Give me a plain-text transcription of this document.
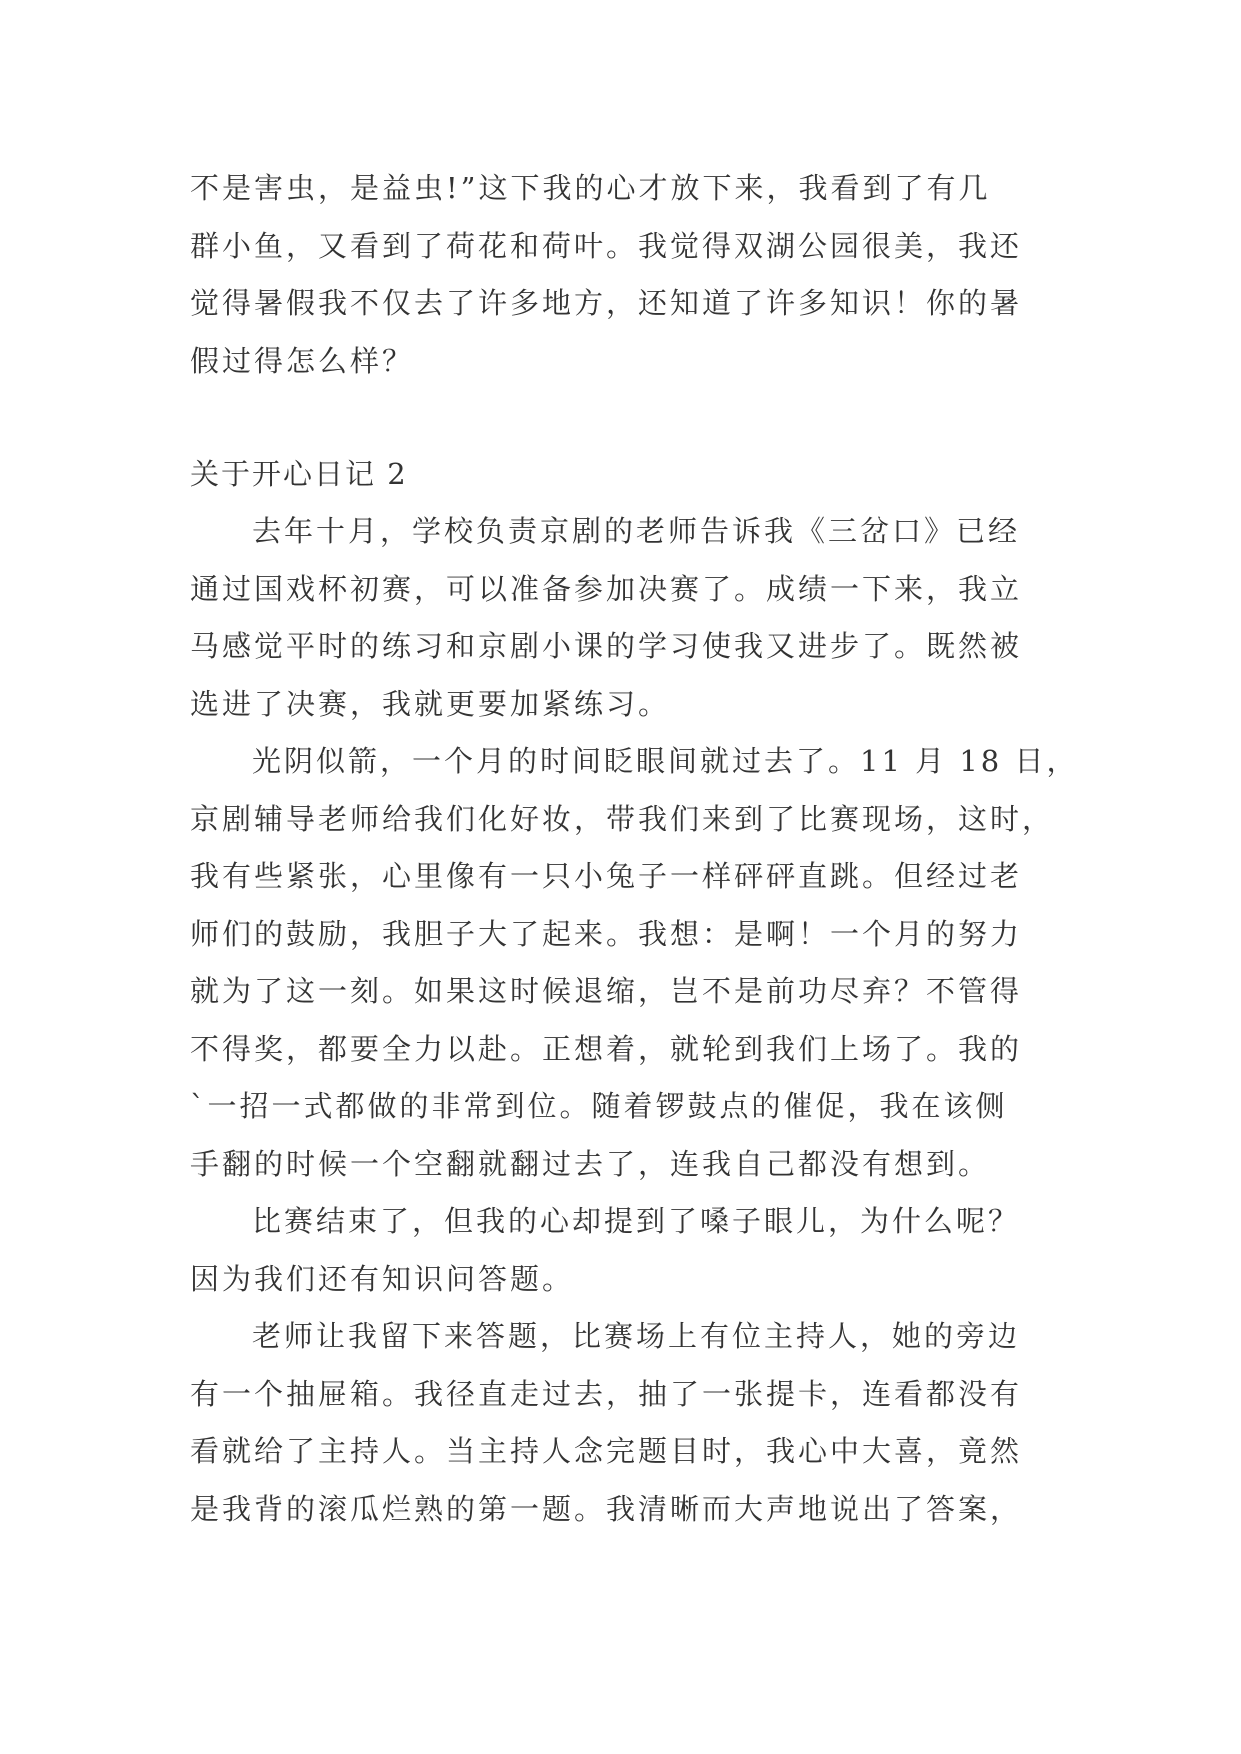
不是害虫，是益虫!”这下我的心才放下来，我看到了有几
群小鱼，又看到了荷花和荷叶。我觉得双湖公园很美，我还
觉得暑假我不仅去了许多地方，还知道了许多知识！你的暑
假过得怎么样？
关于开心日记 2
去年十月，学校负责京剧的老师告诉我《三岔口》已经
通过国戏杯初赛，可以准备参加决赛了。成绩一下来，我立
马感觉平时的练习和京剧小课的学习使我又进步了。既然被
选进了决赛，我就更要加紧练习。
光阴似箭，一个月的时间眨眼间就过去了。11 月 18 日，
京剧辅导老师给我们化好妆，带我们来到了比赛现场，这时，
我有些紧张，心里像有一只小兔子一样砰砰直跳。但经过老
师们的鼓励，我胆子大了起来。我想：是啊！一个月的努力
就为了这一刻。如果这时候退缩，岂不是前功尽弃？不管得
不得奖，都要全力以赴。正想着，就轮到我们上场了。我的
`一招一式都做的非常到位。随着锣鼓点的催促，我在该侧
手翻的时候一个空翻就翻过去了，连我自己都没有想到。
比赛结束了，但我的心却提到了嗓子眼儿，为什么呢？
因为我们还有知识问答题。
老师让我留下来答题，比赛场上有位主持人，她的旁边
有一个抽屉箱。我径直走过去，抽了一张提卡，连看都没有
看就给了主持人。当主持人念完题目时，我心中大喜，竟然
是我背的滚瓜烂熟的第一题。我清晰而大声地说出了答案，
